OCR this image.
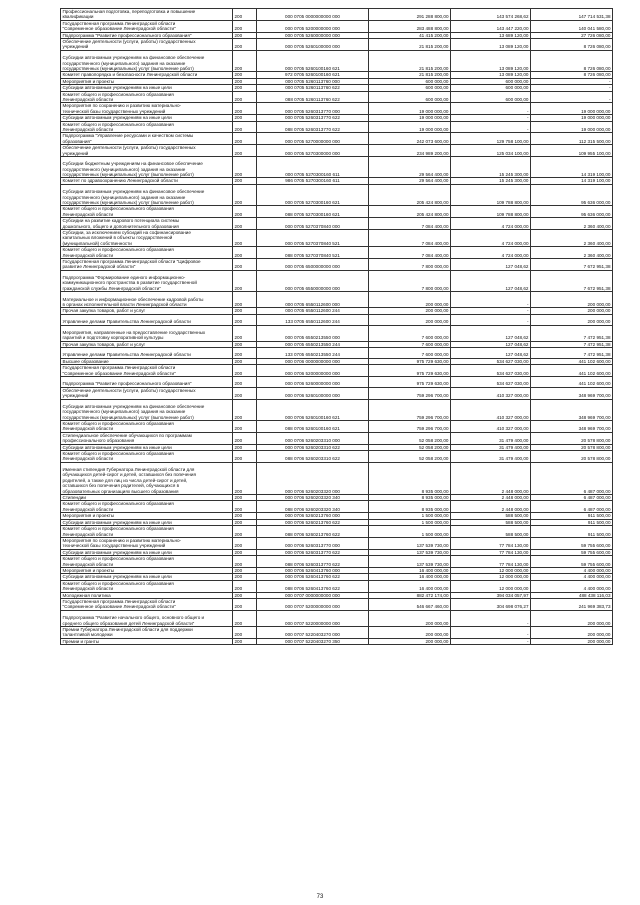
Профессиональная подготовка, переподготовка и повышение
квалификации	200	000 0705 0000000000 000	291 288 800,00	143 574 268,62	147 714 531,38
Государственная программа Ленинградской области
"Современное образование Ленинградской области"	200	000 0705 5200000000 000	283 488 800,00	143 447 220,00	140 041 580,00
Подпрограмма "Развитие профессионального образования"	200	000 0705 5260000000 000	41 415 200,00	13 689 120,00	27 726 080,00
Обеспечение деятельности (услуги, работы) государственных
учреждений	200	000 0705 5260100000 000	21 815 200,00	13 089 120,00	8 726 080,00
Субсидии автономным учреждениям на финансовое обеспечение
государственного (муниципального) задания на оказание
государственных (муниципальных) услуг (выполнение работ)	200	000 0705 5260100160 621	21 815 200,00	13 089 120,00	8 726 080,00
Комитет правопорядка и безопасности Ленинградской области	200	972 0705 5260100160 621	21 815 200,00	13 089 120,00	8 726 080,00
Мероприятия и проекты	200	000 0705 5260113760 000	600 000,00	600 000,00	-
Субсидии автономным учреждениям на иные цели	200	000 0705 5260113760 622	600 000,00	600 000,00	-
Комитет общего и профессионального образования
Ленинградской области	200	088 0705 5260113760 622	600 000,00	600 000,00	-
Мероприятия по сохранению и развитию материально-
технической базы государственных учреждений	200	000 0705 5260313770 000	19 000 000,00	-	19 000 000,00
Субсидии автономным учреждениям на иные цели	200	000 0705 5260313770 622	19 000 000,00	-	19 000 000,00
Комитет общего и профессионального образования
Ленинградской области	200	088 0705 5260313770 622	19 000 000,00	-	19 000 000,00
Подпрограмма "Управление ресурсами и качеством системы
образования"	200	000 0705 5270000000 000	242 073 600,00	129 758 100,00	112 315 500,00
Обеспечение деятельности (услуги, работы) государственных
учреждений	200	000 0705 5270300000 000	234 989 200,00	125 034 100,00	109 955 100,00
Субсидии бюджетным учреждениям на финансовое обеспечение
государственного (муниципального) задания на оказание
государственных (муниципальных) услуг (выполнение работ)	200	000 0705 5270300160 611	29 564 400,00	15 245 300,00	14 319 100,00
Комитет по здравоохранению Ленинградской области	200	986 0705 5270300160 611	29 564 400,00	15 245 300,00	14 319 100,00
Субсидии автономным учреждениям на финансовое обеспечение
государственного (муниципального) задания на оказание
государственных (муниципальных) услуг (выполнение работ)	200	000 0705 5270300160 621	205 424 800,00	109 788 800,00	95 636 000,00
Комитет общего и профессионального образования
Ленинградской области	200	088 0705 5270300160 621	205 424 800,00	109 788 800,00	95 636 000,00
Субсидии на развитие кадрового потенциала системы
дошкольного, общего и дополнительного образования	200	000 0705 5270370840 000	7 084 400,00	4 724 000,00	2 360 400,00
Субсидии, за исключением субсидий на софинансирование
капитальных вложений в объекты государственной
(муниципальной) собственности	200	000 0705 5270370840 521	7 084 400,00	4 724 000,00	2 360 400,00
Комитет общего и профессионального образования
Ленинградской области	200	088 0705 5270370840 521	7 084 400,00	4 724 000,00	2 360 400,00
Государственная программа Ленинградской области "Цифровое
развитие Ленинградской области"	200	000 0705 6500000000 000	7 800 000,00	127 048,62	7 672 951,38
Подпрограмма "Формирование единого информационно-
коммуникационного пространства в развитие государственной
гражданской службы Ленинградской области"	200	000 0705 6550000000 000	7 800 000,00	127 048,62	7 672 951,38
Материальное и информационное обеспечение кадровой работы
в органах исполнительной власти Ленинградской области	200	000 0705 6550112600 000	200 000,00	-	200 000,00
Прочая закупка товаров, работ и услуг	200	000 0705 6550112600 244	200 000,00	-	200 000,00
Управление делами Правительства Ленинградской области	200	133 0705 6550112600 244	200 000,00	-	200 000,00
Мероприятия, направленные на предоставление государственных
гарантий и подготовку корпоративной культуры	200	000 0705 6550213550 000	7 600 000,00	127 048,62	7 472 951,38
Прочая закупка товаров, работ и услуг	200	000 0705 6550213550 244	7 600 000,00	127 048,62	7 472 951,38
Управление делами Правительства Ленинградской области	200	133 0705 6550213550 244	7 600 000,00	127 048,62	7 472 951,38
Высшее образование	200	000 0706 0000000000 000	975 729 630,00	534 627 030,00	441 102 600,00
Государственная программа Ленинградской области
"Современное образование Ленинградской области"	200	000 0706 5200000000 000	975 729 630,00	534 627 030,00	441 102 600,00
Подпрограмма "Развитие профессионального образования"	200	000 0706 5260000000 000	975 729 630,00	534 627 030,00	441 102 600,00
Обеспечение деятельности (услуги, работы) государственных
учреждений	200	000 0706 5260100000 000	759 296 700,00	410 327 000,00	348 969 700,00
Субсидии автономным учреждениям на финансовое обеспечение
государственного (муниципального) задания на оказание
государственных (муниципальных) услуг (выполнение работ)	200	000 0706 5260100160 621	759 296 700,00	410 327 000,00	348 969 700,00
Комитет общего и профессионального образования
Ленинградской области	200	088 0706 5260100160 621	759 296 700,00	410 327 000,00	348 969 700,00
Стипендиальное обеспечение обучающихся по программам
профессионального образования	200	000 0706 5260203310 000	52 058 200,00	31 479 400,00	20 578 800,00
Субсидии автономным учреждениям на иные цели	200	000 0706 5260203310 622	52 058 200,00	31 479 400,00	20 578 800,00
Комитет общего и профессионального образования
Ленинградской области	200	088 0706 5260203310 622	52 058 200,00	31 479 400,00	20 578 800,00
Именная стипендия Губернатора Ленинградской области для
обучающихся детей-сирот и детей, оставшихся без попечения
родителей, а также для лиц из числа детей-сирот и детей,
оставшихся без попечения родителей, обучающихся в
образовательных организациях высшего образования	200	000 0706 5260203320 000	8 935 000,00	2 448 000,00	6 487 000,00
Стипендии	200	000 0706 5260203320 340	8 935 000,00	2 448 000,00	6 487 000,00
Комитет общего и профессионального образования
Ленинградской области	200	088 0706 5260203320 340	8 935 000,00	2 448 000,00	6 487 000,00
Мероприятия и проекты	200	000 0706 5260213760 000	1 500 000,00	588 500,00	911 500,00
Субсидии автономным учреждениям на иные цели	200	000 0706 5260213760 622	1 500 000,00	588 500,00	911 500,00
Комитет общего и профессионального образования
Ленинградской области	200	088 0706 5260213760 622	1 500 000,00	588 500,00	911 500,00
Мероприятия по сохранению и развитию материально-
технической базы государственных учреждений	200	000 0706 5260313770 000	137 539 730,00	77 784 130,00	59 755 600,00
Субсидии автономным учреждениям на иные цели	200	000 0706 5260313770 622	137 539 730,00	77 784 130,00	59 755 600,00
Комитет общего и профессионального образования
Ленинградской области	200	088 0706 5260313770 622	137 539 730,00	77 784 130,00	59 755 600,00
Мероприятия и проекты	200	000 0706 5260413760 000	16 400 000,00	12 000 000,00	4 400 000,00
Субсидии автономным учреждениям на иные цели	200	000 0706 5260413760 622	16 400 000,00	12 000 000,00	4 400 000,00
Комитет общего и профессионального образования
Ленинградской области	200	088 0706 5260413760 622	16 400 000,00	12 000 000,00	4 400 000,00
Молодежная политика	200	000 0707 0000000000 000	882 472 174,00	394 034 057,97	488 438 116,03
Государственная программа Ленинградской области
"Современное образование Ленинградской области"	200	000 0707 5200000000 000	546 667 460,00	304 698 076,27	241 969 383,73
Подпрограмма "Развитие начального общего, основного общего и
среднего общего образования детей Ленинградской области"	200	000 0707 5220000000 000	200 000,00	-	200 000,00
Премии Губернатора Ленинградской области для поддержки
талантливой молодежи	200	000 0707 5220403270 000	200 000,00	-	200 000,00
Премии и гранты	200	000 0707 5220403270 350	200 000,00	-	200 000,00
73
